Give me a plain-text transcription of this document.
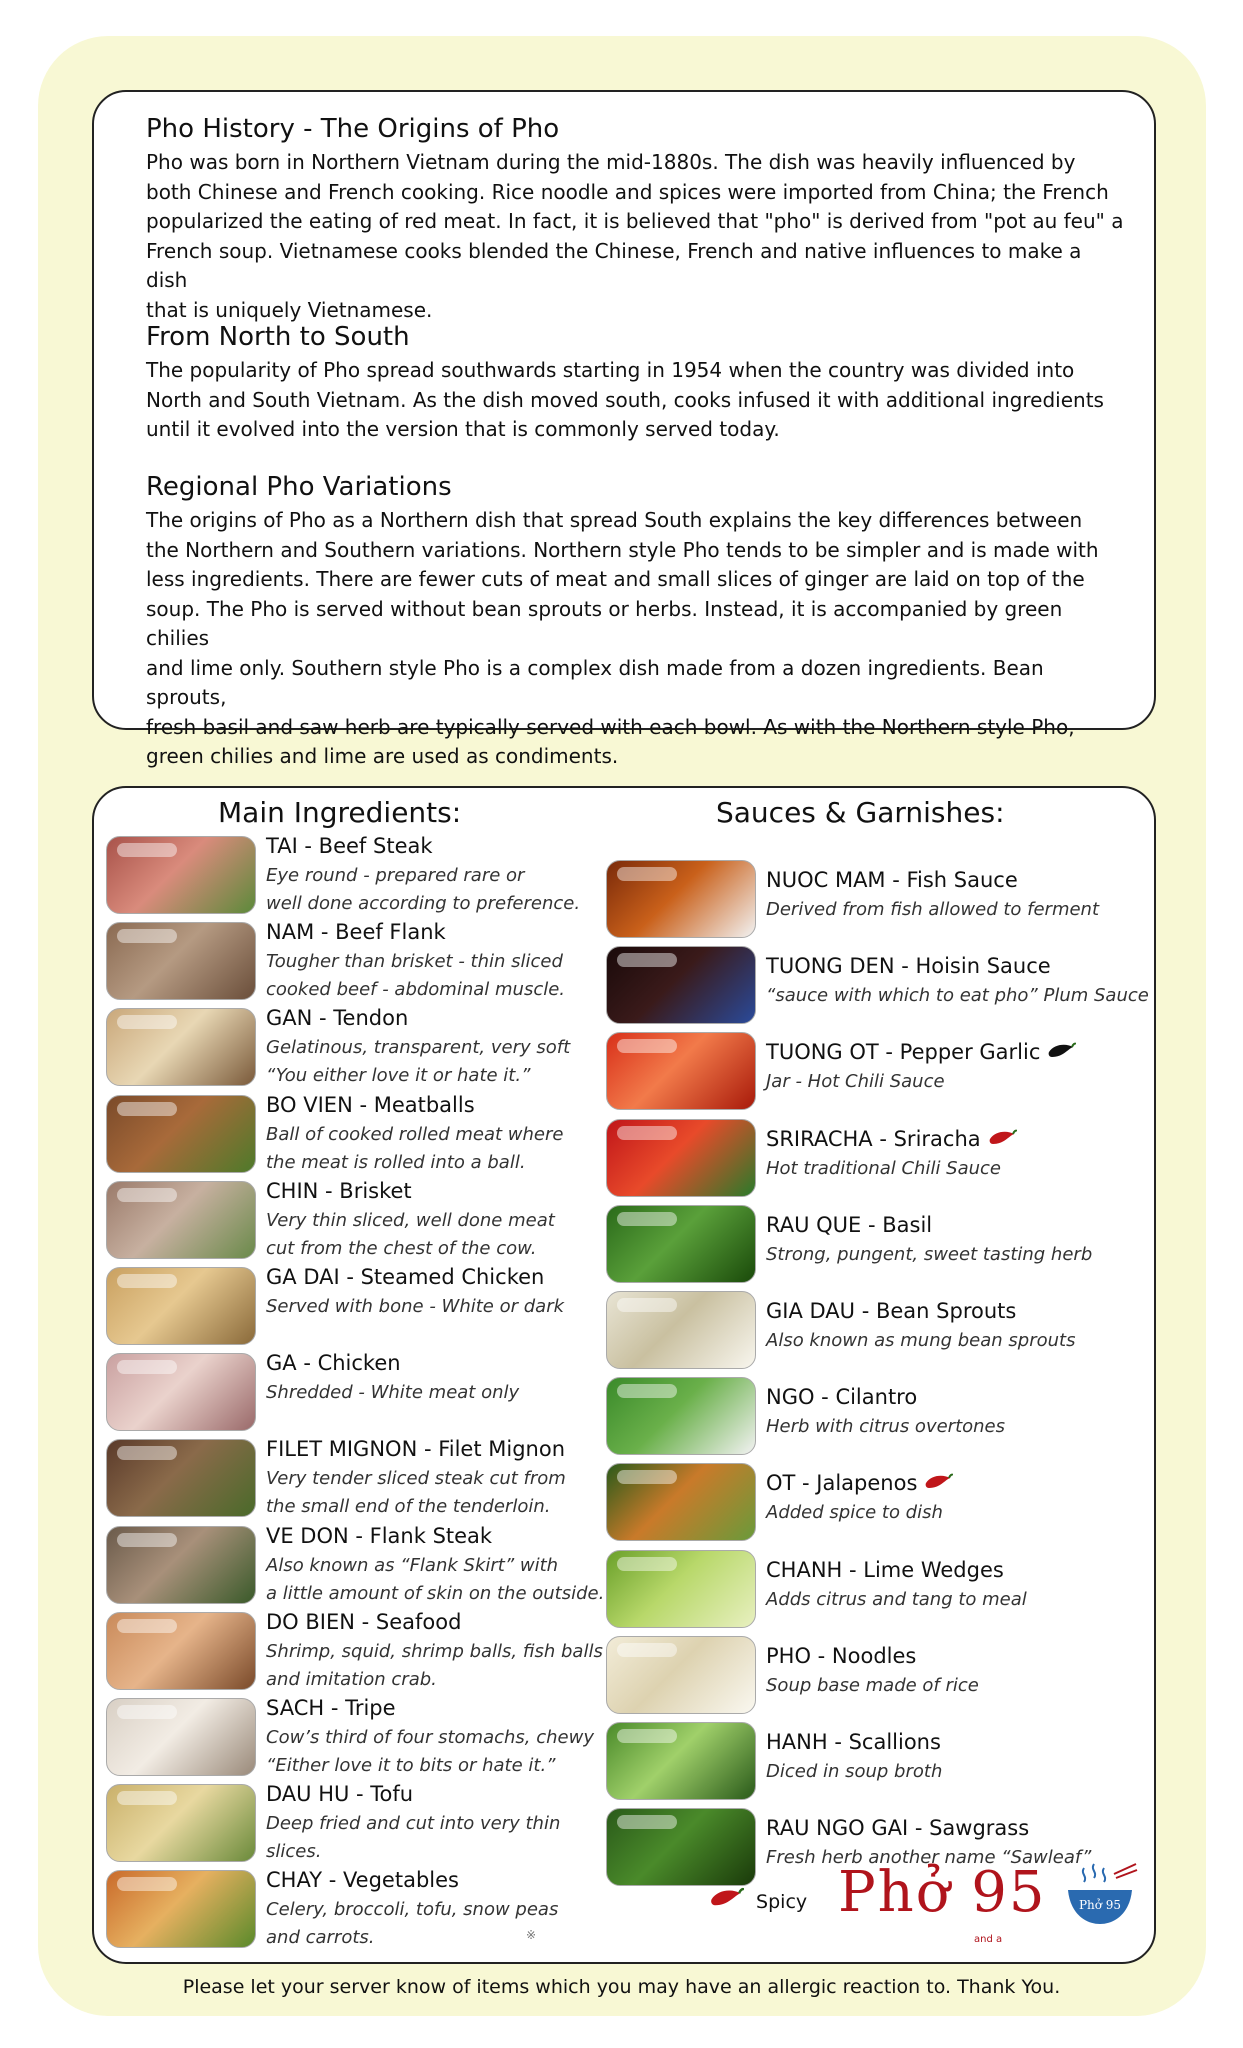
Pho History - The Origins of Pho

Pho was born in Northern Vietnam during the mid-1880s. The dish was heavily influenced by
both Chinese and French cooking. Rice noodle and spices were imported from China; the French
popularized the eating of red meat. In fact, it is believed that "pho" is derived from "pot au feu" a
French soup. Vietnamese cooks blended the Chinese, French and native influences to make a dish
that is uniquely Vietnamese.

From North to South

The popularity of Pho spread southwards starting in 1954 when the country was divided into
North and South Vietnam. As the dish moved south, cooks infused it with additional ingredients
until it evolved into the version that is commonly served today.

Regional Pho Variations

The origins of Pho as a Northern dish that spread South explains the key differences between
the Northern and Southern variations. Northern style Pho tends to be simpler and is made with
less ingredients. There are fewer cuts of meat and small slices of ginger are laid on top of the
soup. The Pho is served without bean sprouts or herbs. Instead, it is accompanied by green chilies
and lime only. Southern style Pho is a complex dish made from a dozen ingredients. Bean sprouts,
fresh basil and saw herb are typically served with each bowl. As with the Northern style Pho,
green chilies and lime are used as condiments.

Main Ingredients:	Sauces & Garnishes:
TAI - Beef Steak
Eye round - prepared rare or
well done according to preference.
NAM - Beef Flank
Tougher than brisket - thin sliced
cooked beef - abdominal muscle.
GAN - Tendon
Gelatinous, transparent, very soft
“You either love it or hate it.”
BO VIEN - Meatballs
Ball of cooked rolled meat where
the meat is rolled into a ball.
CHIN - Brisket
Very thin sliced, well done meat
cut from the chest of the cow.
GA DAI - Steamed Chicken
Served with bone - White or dark
GA - Chicken
Shredded - White meat only
FILET MIGNON - Filet Mignon
Very tender sliced steak cut from
the small end of the tenderloin.
VE DON - Flank Steak
Also known as “Flank Skirt” with
a little amount of skin on the outside.
DO BIEN - Seafood
Shrimp, squid, shrimp balls, fish balls
and imitation crab.
SACH - Tripe
Cow’s third of four stomachs, chewy
“Either love it to bits or hate it.”
DAU HU - Tofu
Deep fried and cut into very thin
slices.
CHAY - Vegetables
Celery, broccoli, tofu, snow peas
and carrots.
NUOC MAM - Fish Sauce
Derived from fish allowed to ferment
TUONG DEN - Hoisin Sauce
“sauce with which to eat pho” Plum Sauce
TUONG OT - Pepper Garlic
Jar - Hot Chili Sauce
SRIRACHA - Sriracha
Hot traditional Chili Sauce
RAU QUE - Basil
Strong, pungent, sweet tasting herb
GIA DAU - Bean Sprouts
Also known as mung bean sprouts
NGO - Cilantro
Herb with citrus overtones
OT - Jalapenos
Added spice to dish
CHANH - Lime Wedges
Adds citrus and tang to meal
PHO - Noodles
Soup base made of rice
HANH - Scallions
Diced in soup broth
RAU NGO GAI - Sawgrass
Fresh herb another name “Sawleaf”
※
Spicy Phở 95
and a
Phở 95
Please let your server know of items which you may have an allergic reaction to. Thank You.
